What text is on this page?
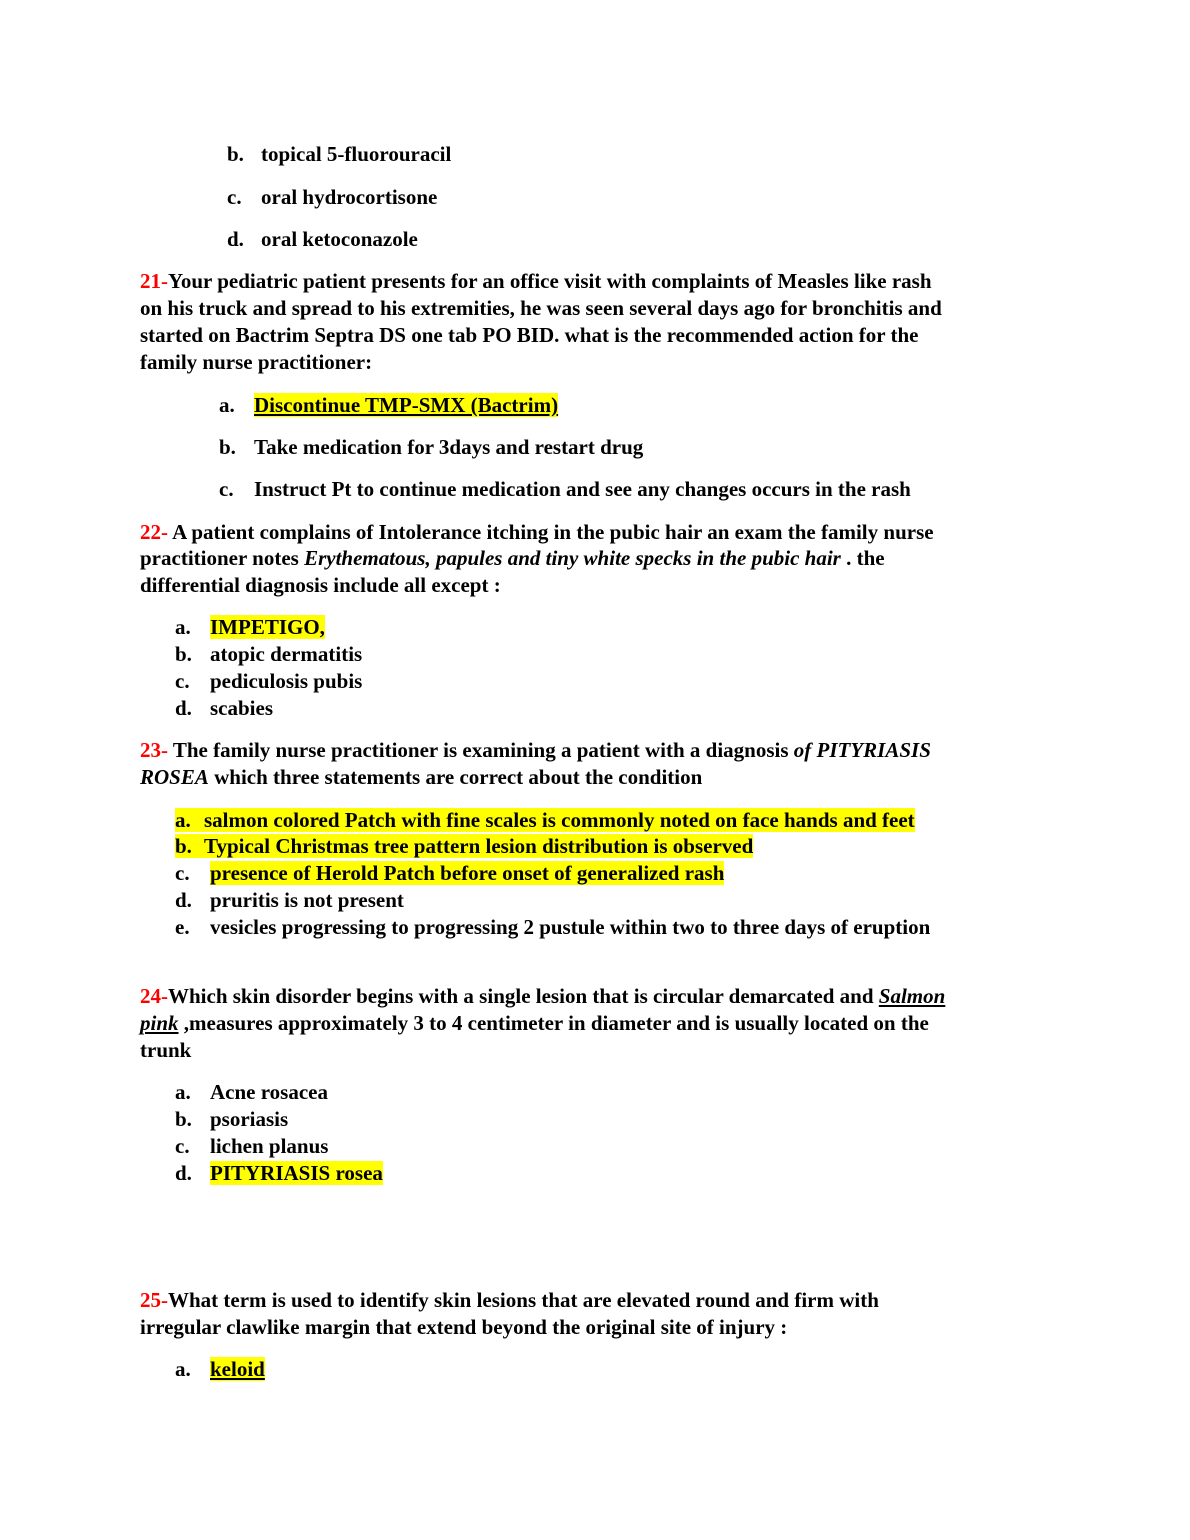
b. topical 5-fluorouracil
c. oral hydrocortisone
d. oral ketoconazole
21-Your pediatric patient presents for an office visit with complaints of Measles like rash
on his truck and spread to his extremities, he was seen several days ago for bronchitis and
started on Bactrim Septra DS one tab PO BID. what is the recommended action for the
family nurse practitioner:
a. Discontinue TMP-SMX (Bactrim)
b. Take medication for 3days and restart drug
c. Instruct Pt to continue medication and see any changes occurs in the rash
22- A patient complains of Intolerance itching in the pubic hair an exam the family nurse
practitioner notes Erythematous, papules and tiny white specks in the pubic hair . the
differential diagnosis include all except :
a. IMPETIGO,
b. atopic dermatitis
c. pediculosis pubis
d. scabies
23- The family nurse practitioner is examining a patient with a diagnosis of PITYRIASIS
ROSEA which three statements are correct about the condition
a. salmon colored Patch with fine scales is commonly noted on face hands and feet
b. Typical Christmas tree pattern lesion distribution is observed
c. presence of Herold Patch before onset of generalized rash
d. pruritis is not present
e. vesicles progressing to progressing 2 pustule within two to three days of eruption
24-Which skin disorder begins with a single lesion that is circular demarcated and Salmon
pink ,measures approximately 3 to 4 centimeter in diameter and is usually located on the
trunk
a. Acne rosacea
b. psoriasis
c. lichen planus
d. PITYRIASIS rosea
25-What term is used to identify skin lesions that are elevated round and firm with
irregular clawlike margin that extend beyond the original site of injury :
a. keloid
